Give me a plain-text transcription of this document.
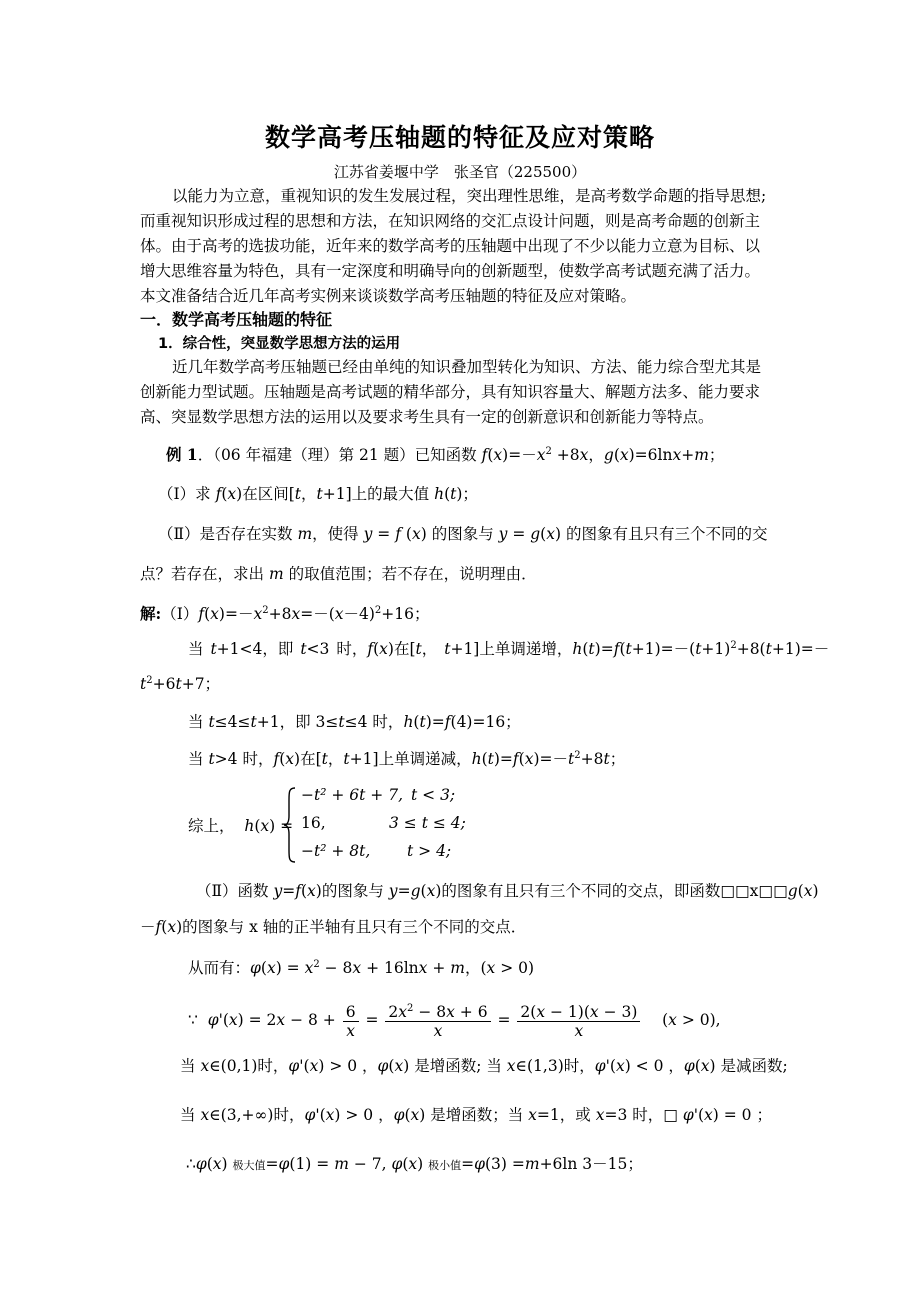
数学高考压轴题的特征及应对策略
江苏省姜堰中学　张圣官（225500）
以能力为立意，重视知识的发生发展过程，突出理性思维，是高考数学命题的指导思想;
而重视知识形成过程的思想和方法，在知识网络的交汇点设计问题，则是高考命题的创新主
体。由于高考的选拔功能，近年来的数学高考的压轴题中出现了不少以能力立意为目标、以
增大思维容量为特色，具有一定深度和明确导向的创新题型，使数学高考试题充满了活力。
本文准备结合近几年高考实例来谈谈数学高考压轴题的特征及应对策略。
一．数学高考压轴题的特征
1．综合性，突显数学思想方法的运用
近几年数学高考压轴题已经由单纯的知识叠加型转化为知识、方法、能力综合型尤其是
创新能力型试题。压轴题是高考试题的精华部分，具有知识容量大、解题方法多、能力要求
高、突显数学思想方法的运用以及要求考生具有一定的创新意识和创新能力等特点。
例 1．（06 年福建（理）第 21 题）已知函数 $f(x)=-x^2 +8x$，g(x)=6lnx+m；
（Ⅰ）求 f(x)在区间[t，t+1]上的最大值 h(t)；
（Ⅱ）是否存在实数 m，使得 y = f (x) 的图象与 y = g(x) 的图象有且只有三个不同的交
点？若存在，求出 m 的取值范围；若不存在，说明理由．
解$:(Ⅰ)f(x)=-x^2+8x=-(x-4)^2+16$；
当 t+1<4，即 t<3 时，f(x)在[t， t+1]上单调递增，$h(t)=f(t+1)=-(t+1)^2+8(t+1)=-$
$t^2+6t+7$；
当 t≤4≤t+1，即 3≤t≤4 时，h(t)=f(4)=16；
当 t>4 时，f(x)在[t，t+1]上单调递减，$h(t)=f(x)=-t^2+8t$；
综上， h(x) =
−t² + 6t + 7, t < 3;
16,	3 ≤ t ≤ 4;
−t² + 8t, t > 4;
（Ⅱ）函数 y=f(x)的图象与 y=g(x)的图象有且只有三个不同的交点，即函数□□x□□g(x)
－f(x)的图象与 x 轴的正半轴有且只有三个不同的交点．
从而有：$\varphi(x) = x^2 - 8x + 16\ln x + m$，(x > 0)
∵ $\varphi'(x) = 2x - 8 + \frac{6}{x} = \frac{2x^2 - 8x + 6}{x} = \frac{2(x - 1)(x - 3)}{x} (x > 0)$,
当 x∈(0,1)时，φ'(x) > 0 ，φ(x) 是增函数; 当 x∈(1,3)时，φ'(x) < 0 ，φ(x) 是减函数;
当 x∈(3,+∞)时，φ'(x) > 0 ，φ(x) 是增函数；当 x=1，或 x=3 时，□ φ'(x) = 0 ；
∴φ(x) 极大值=φ(1) = m − 7, φ(x) 极小值=φ(3) =m+6ln 3－15；
